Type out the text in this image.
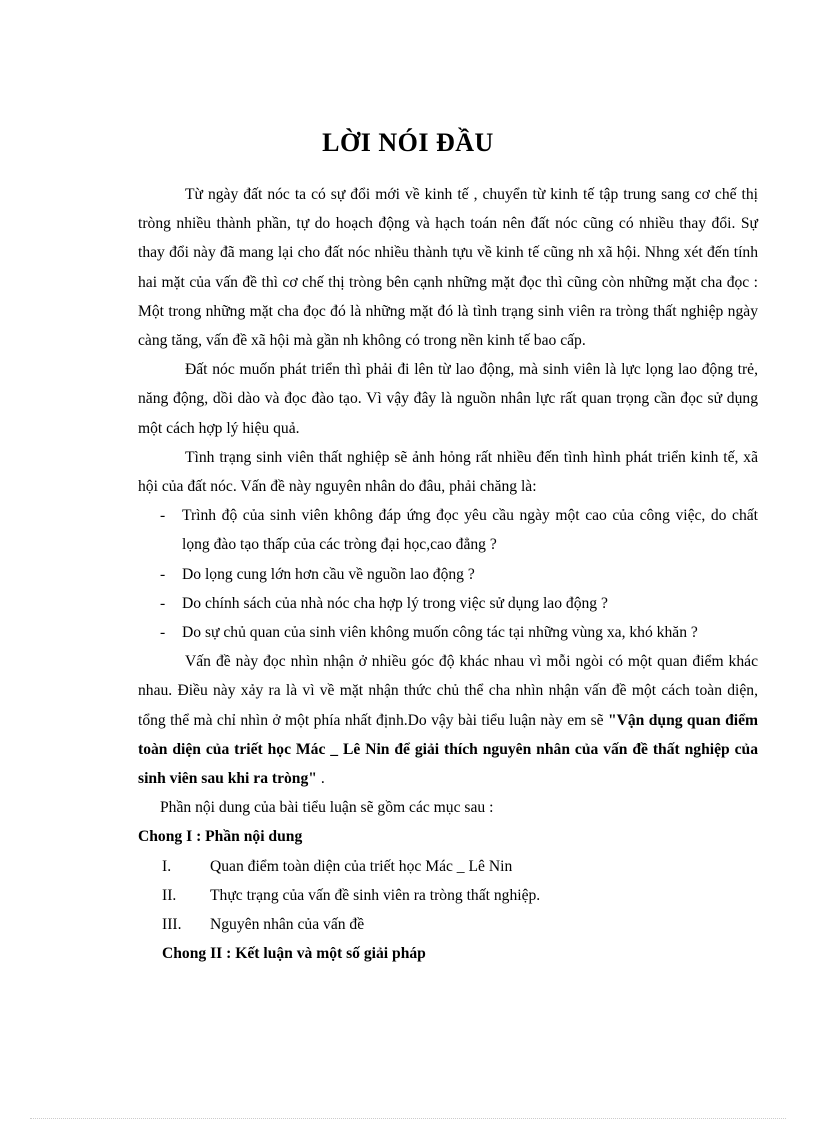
LỜI NÓI ĐẦU

Từ ngày đất nóc ta có sự đổi mới về kinh tế , chuyển từ kinh tế tập trung sang cơ chế thị tròng nhiều thành phần, tự do hoạch động và hạch toán nên đất nóc cũng có nhiều thay đổi. Sự thay đổi này đã mang lại cho đất nóc nhiều thành tựu về kinh tế cũng nh xã hội. Nhng xét đến tính hai mặt của vấn đề thì cơ chế thị tròng bên cạnh những mặt đọc thì cũng còn những mặt cha đọc : Một trong những mặt cha đọc đó là những mặt đó là tình trạng sinh viên ra tròng thất nghiệp ngày càng tăng, vấn đề xã hội mà gần nh không có trong nền kinh tế bao cấp.

Đất nóc muốn phát triển thì phải đi lên từ lao động, mà sinh viên là lực lọng lao động trẻ, năng động, dồi dào và đọc đào tạo. Vì vậy đây là nguồn nhân lực rất quan trọng cần đọc sử dụng một cách hợp lý hiệu quả.

Tình trạng sinh viên thất nghiệp sẽ ảnh hỏng rất nhiều đến tình hình phát triển kinh tế, xã hội của đất nóc. Vấn đề này nguyên nhân do đâu, phải chăng là:

-	Trình độ của sinh viên không đáp ứng đọc yêu cầu ngày một cao của công việc, do chất lọng đào tạo thấp của các tròng đại học,cao đẳng ?
-	Do lọng cung lớn hơn cầu về nguồn lao động ?
-	Do chính sách của nhà nóc cha hợp lý trong việc sử dụng lao động ?
-	Do sự chủ quan của sinh viên không muốn công tác tại những vùng xa, khó khăn ?

Vấn đề này đọc nhìn nhận ở nhiều góc độ khác nhau vì mỗi ngòi có một quan điểm khác nhau. Điều này xảy ra là vì về mặt nhận thức chủ thể cha nhìn nhận vấn đề một cách toàn diện, tổng thể mà chỉ nhìn ở một phía nhất định.Do vậy bài tiểu luận này em sẽ "Vận dụng quan điểm toàn diện của triết học Mác _ Lê Nin để giải thích nguyên nhân của vấn đề thất nghiệp của sinh viên sau khi ra tròng" .

Phần nội dung của bài tiểu luận sẽ gồm các mục sau :

Chong I : Phần nội dung
I.	Quan điểm toàn diện của triết học Mác _ Lê Nin
II.	Thực trạng của vấn đề sinh viên ra tròng thất nghiệp.
III.	Nguyên nhân của vấn đề
Chong II : Kết luận và một số giải pháp
